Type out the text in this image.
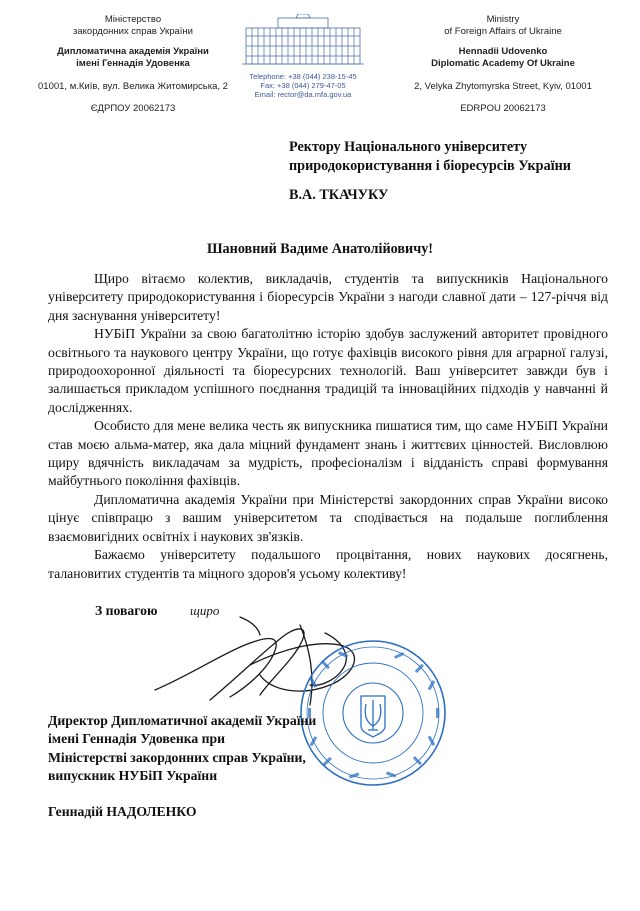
Міністерство
закордонних справ України
Дипломатична академія України
імені Геннадія Удовенка
01001, м.Київ, вул. Велика Житомирська, 2
ЄДРПОУ 20062173
Telephone: +38 (044) 238-15-45
Fax: +38 (044) 279-47-05
Email: rector@da.mfa.gov.ua
Ministry
of Foreign Affairs of Ukraine
Hennadii Udovenko
Diplomatic Academy Of Ukraine
2, Velyka Zhytomyrska Street, Kyiv, 01001
EDRPOU 20062173
Ректору Національного університету
природокористування і біоресурсів України
В.А. ТКАЧУКУ
Шановний Вадиме Анатолійовичу!

Щиро вітаємо колектив, викладачів, студентів та випускників Національного університету природокористування і біоресурсів України з нагоди славної дати – 127-річчя від дня заснування університету!

НУБіП України за свою багатолітню історію здобув заслужений авторитет провідного освітнього та наукового центру України, що готує фахівців високого рівня для аграрної галузі, природоохоронної діяльності та біоресурсних технологій. Ваш університет завжди був і залишається прикладом успішного поєднання традицій та інноваційних підходів у навчанні й дослідженнях.

Особисто для мене велика честь як випускника пишатися тим, що саме НУБіП України став моєю альма-матер, яка дала міцний фундамент знань і життєвих цінностей. Висловлюю щиру вдячність викладачам за мудрість, професіоналізм і відданість справі формування майбутнього покоління фахівців.

Дипломатична академія України при Міністерстві закордонних справ України високо цінує співпрацю з вашим університетом та сподівається на подальше поглиблення взаємовигідних освітніх і наукових зв'язків.

Бажаємо університету подальшого процвітання, нових наукових досягнень, талановитих студентів та міцного здоров'я усьому колективу!

З повагою	щиро
Директор Дипломатичної академії України
імені Геннадія Удовенка при
Міністерстві закордонних справ України,
випускник НУБіП України
Геннадій НАДОЛЕНКО
